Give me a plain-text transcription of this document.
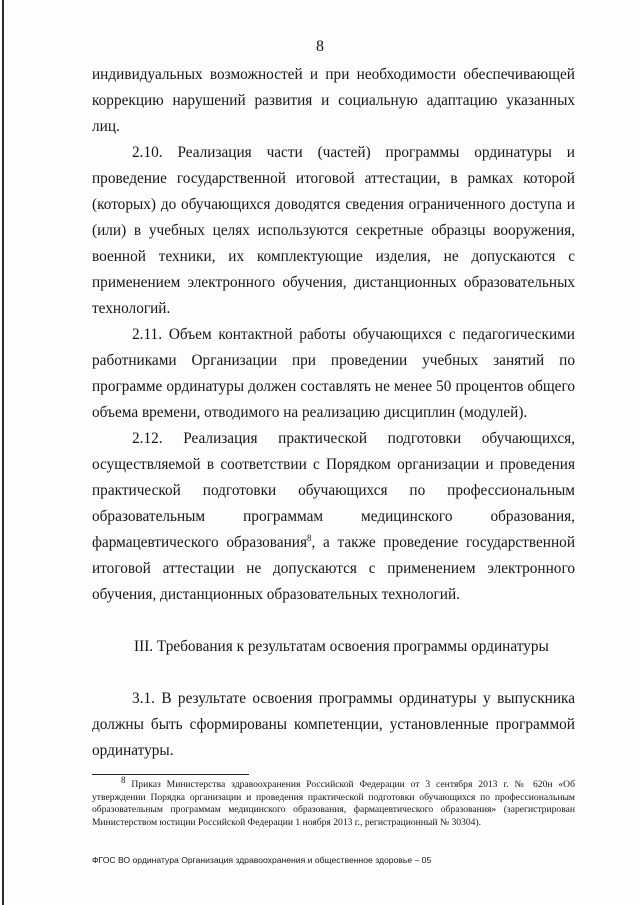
8

индивидуальных возможностей и при необходимости обеспечивающей коррекцию нарушений развития и социальную адаптацию указанных лиц.

2.10. Реализация части (частей) программы ординатуры и проведение государственной итоговой аттестации, в рамках которой (которых) до обучающихся доводятся сведения ограниченного доступа и (или) в учебных целях используются секретные образцы вооружения, военной техники, их комплектующие изделия, не допускаются с применением электронного обучения, дистанционных образовательных технологий.

2.11. Объем контактной работы обучающихся с педагогическими работниками Организации при проведении учебных занятий по программе ординатуры должен составлять не менее 50 процентов общего объема времени, отводимого на реализацию дисциплин (модулей).

2.12. Реализация практической подготовки обучающихся, осуществляемой в соответствии с Порядком организации и проведения практической подготовки обучающихся по профессиональным образовательным программам медицинского образования, фармацевтического образования$^8$, а также проведение государственной итоговой аттестации не допускаются с применением электронного обучения, дистанционных образовательных технологий.

III. Требования к результатам освоения программы ординатуры

3.1. В результате освоения программы ординатуры у выпускника должны быть сформированы компетенции, установленные программой ординатуры.

$^8$ Приказ Министерства здравоохранения Российской Федерации от 3 сентября 2013 г. № 620н «Об утверждении Порядка организации и проведения практической подготовки обучающихся по профессиональным образовательным программам медицинского образования, фармацевтического образования» (зарегистрирован Министерством юстиции Российской Федерации 1 ноября 2013 г., регистрационный № 30304).

ФГОС ВО ординатура Организация здравоохранения и общественное здоровье – 05
